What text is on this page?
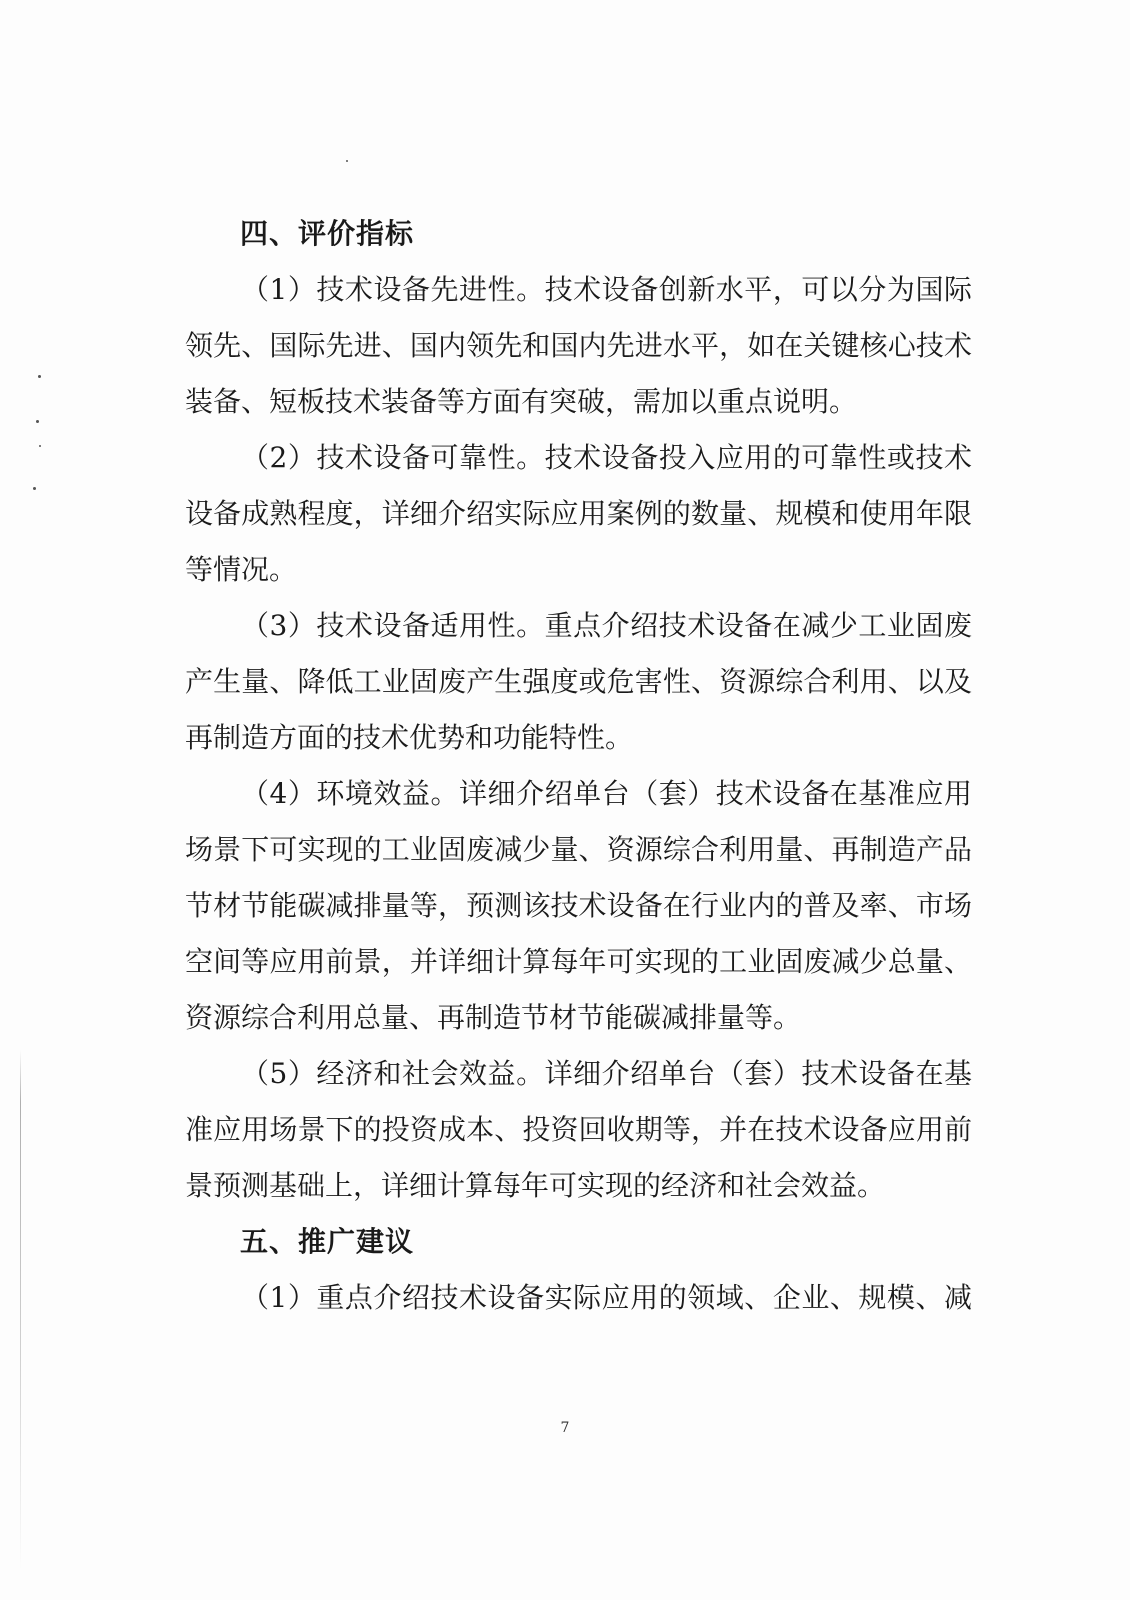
四、评价指标
（1）技术设备先进性。技术设备创新水平，可以分为国际
领先、国际先进、国内领先和国内先进水平，如在关键核心技术
装备、短板技术装备等方面有突破，需加以重点说明。
（2）技术设备可靠性。技术设备投入应用的可靠性或技术
设备成熟程度，详细介绍实际应用案例的数量、规模和使用年限
等情况。
（3）技术设备适用性。重点介绍技术设备在减少工业固废
产生量、降低工业固废产生强度或危害性、资源综合利用、以及
再制造方面的技术优势和功能特性。
（4）环境效益。详细介绍单台（套）技术设备在基准应用
场景下可实现的工业固废减少量、资源综合利用量、再制造产品
节材节能碳减排量等，预测该技术设备在行业内的普及率、市场
空间等应用前景，并详细计算每年可实现的工业固废减少总量、
资源综合利用总量、再制造节材节能碳减排量等。
（5）经济和社会效益。详细介绍单台（套）技术设备在基
准应用场景下的投资成本、投资回收期等，并在技术设备应用前
景预测基础上，详细计算每年可实现的经济和社会效益。
五、推广建议
（1）重点介绍技术设备实际应用的领域、企业、规模、减
7
